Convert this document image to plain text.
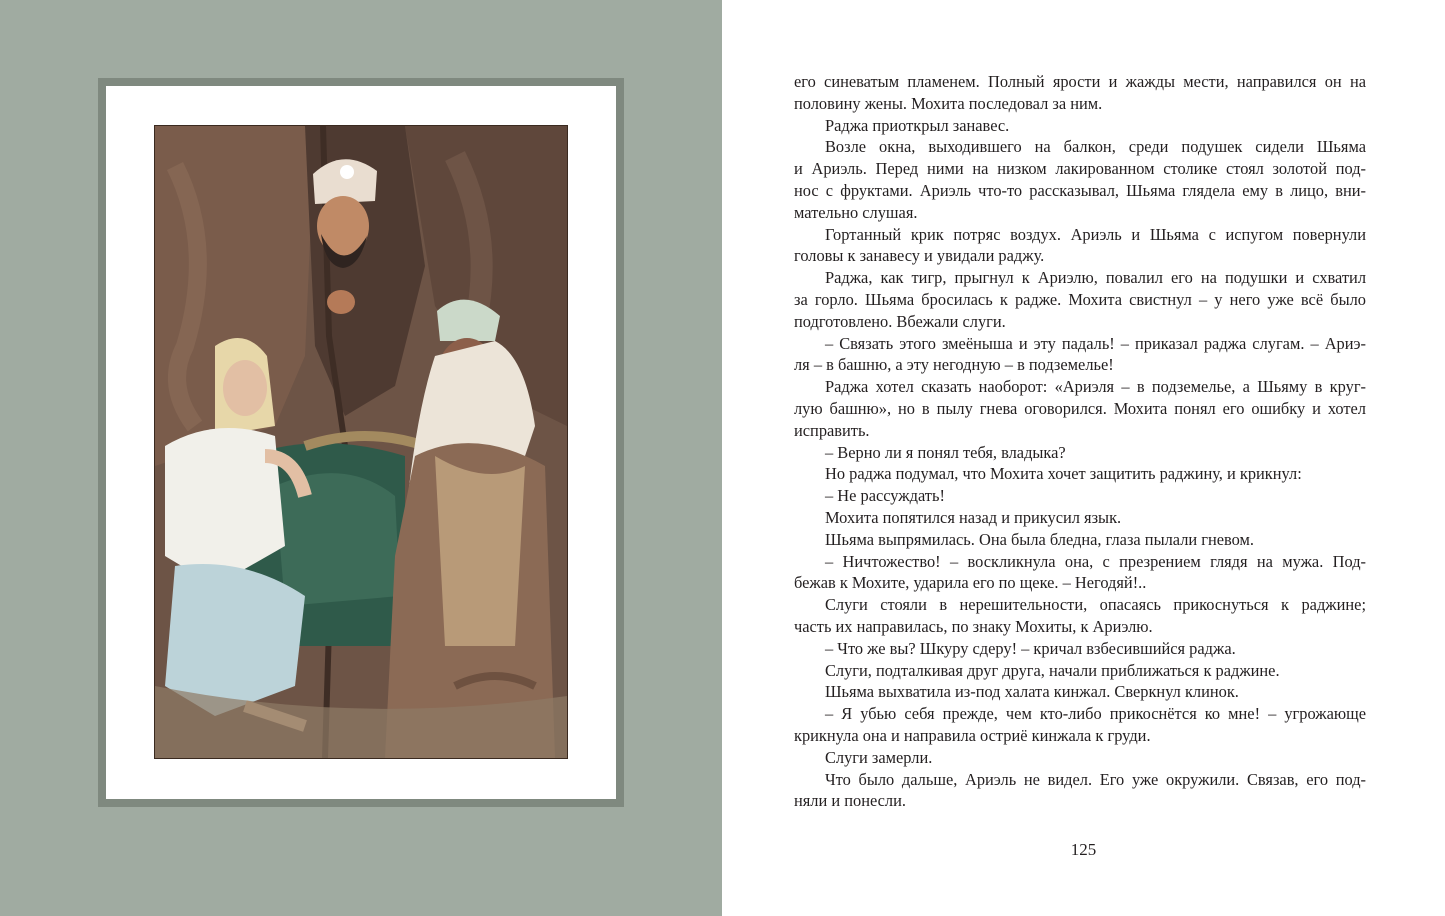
его синеватым пламенем. Полный ярости и жажды мести, направился он на
половину жены. Мохита последовал за ним.
Раджа приоткрыл занавес.
Возле окна, выходившего на балкон, среди подушек сидели Шьяма
и Ариэль. Перед ними на низком лакированном столике стоял золотой под-
нос с фруктами. Ариэль что-то рассказывал, Шьяма глядела ему в лицо, вни-
мательно слушая.
Гортанный крик потряс воздух. Ариэль и Шьяма с испугом повернули
головы к занавесу и увидали раджу.
Раджа, как тигр, прыгнул к Ариэлю, повалил его на подушки и схватил
за горло. Шьяма бросилась к радже. Мохита свистнул – у него уже всё было
подготовлено. Вбежали слуги.
– Связать этого змеёныша и эту падаль! – приказал раджа слугам. – Ариэ-
ля – в башню, а эту негодную – в подземелье!
Раджа хотел сказать наоборот: «Ариэля – в подземелье, а Шьяму в круг-
лую башню», но в пылу гнева оговорился. Мохита понял его ошибку и хотел
исправить.
– Верно ли я понял тебя, владыка?
Но раджа подумал, что Мохита хочет защитить раджину, и крикнул:
– Не рассуждать!
Мохита попятился назад и прикусил язык.
Шьяма выпрямилась. Она была бледна, глаза пылали гневом.
– Ничтожество! – воскликнула она, с презрением глядя на мужа. Под-
бежав к Мохите, ударила его по щеке. – Негодяй!..
Слуги стояли в нерешительности, опасаясь прикоснуться к раджине;
часть их направилась, по знаку Мохиты, к Ариэлю.
– Что же вы? Шкуру сдеру! – кричал взбесившийся раджа.
Слуги, подталкивая друг друга, начали приближаться к раджине.
Шьяма выхватила из-под халата кинжал. Сверкнул клинок.
– Я убью себя прежде, чем кто-либо прикоснётся ко мне! – угрожающе
крикнула она и направила остриё кинжала к груди.
Слуги замерли.
Что было дальше, Ариэль не видел. Его уже окружили. Связав, его под-
няли и понесли.
125
